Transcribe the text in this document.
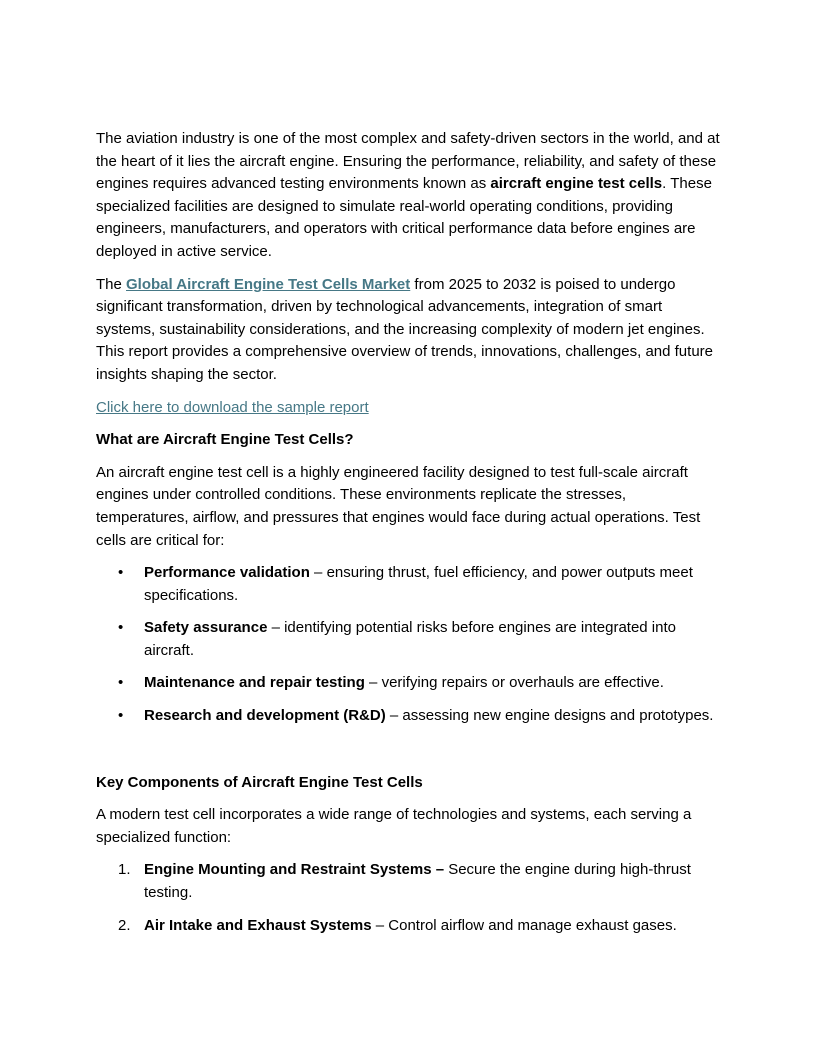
The aviation industry is one of the most complex and safety-driven sectors in the world, and at the heart of it lies the aircraft engine. Ensuring the performance, reliability, and safety of these engines requires advanced testing environments known as aircraft engine test cells. These specialized facilities are designed to simulate real-world operating conditions, providing engineers, manufacturers, and operators with critical performance data before engines are deployed in active service.

The Global Aircraft Engine Test Cells Market from 2025 to 2032 is poised to undergo significant transformation, driven by technological advancements, integration of smart systems, sustainability considerations, and the increasing complexity of modern jet engines. This report provides a comprehensive overview of trends, innovations, challenges, and future insights shaping the sector.

Click here to download the sample report

What are Aircraft Engine Test Cells?

An aircraft engine test cell is a highly engineered facility designed to test full-scale aircraft engines under controlled conditions. These environments replicate the stresses, temperatures, airflow, and pressures that engines would face during actual operations. Test cells are critical for:

• Performance validation – ensuring thrust, fuel efficiency, and power outputs meet specifications.
• Safety assurance – identifying potential risks before engines are integrated into aircraft.
• Maintenance and repair testing – verifying repairs or overhauls are effective.
• Research and development (R&D) – assessing new engine designs and prototypes.

Key Components of Aircraft Engine Test Cells

A modern test cell incorporates a wide range of technologies and systems, each serving a specialized function:

1. Engine Mounting and Restraint Systems – Secure the engine during high-thrust testing.
2. Air Intake and Exhaust Systems – Control airflow and manage exhaust gases.
